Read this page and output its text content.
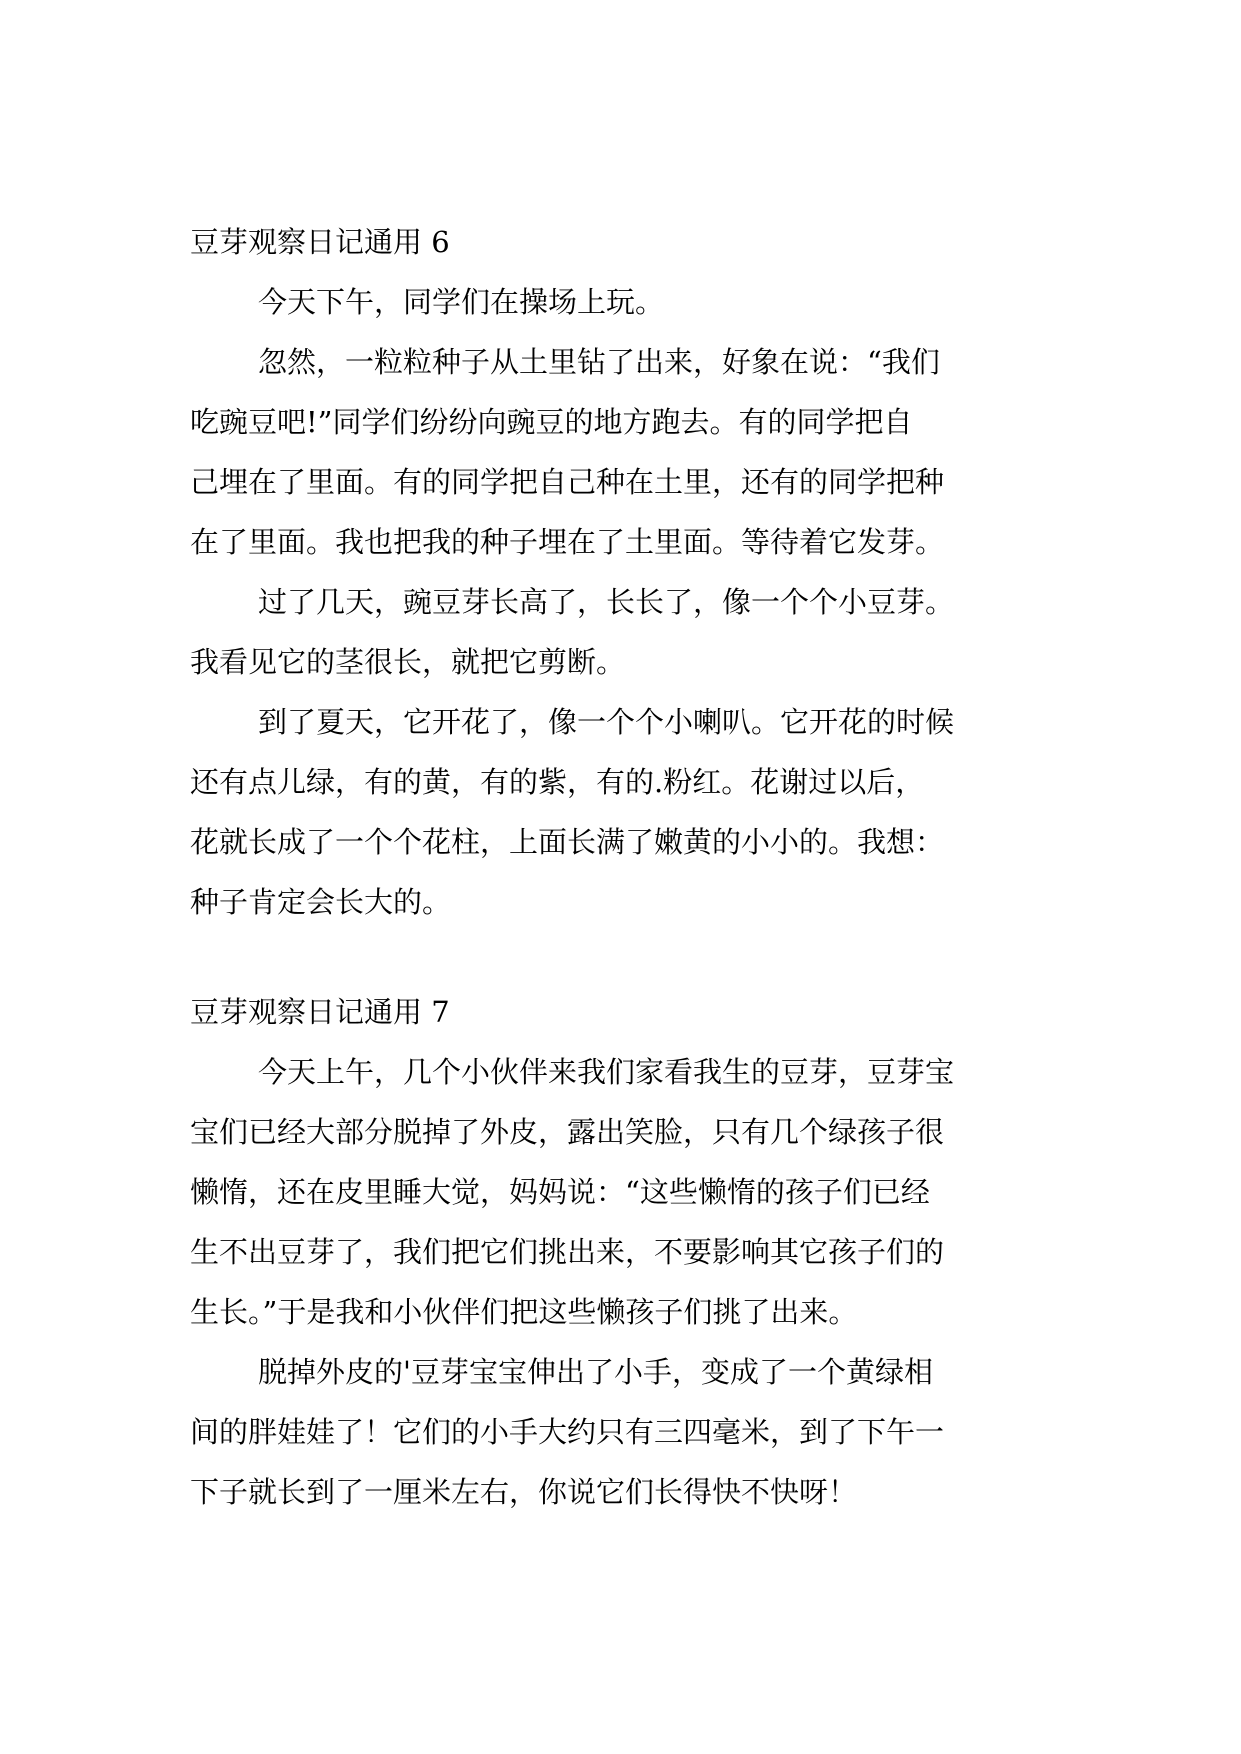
豆芽观察日记通用 6
今天下午，同学们在操场上玩。
忽然，一粒粒种子从土里钻了出来，好象在说：“我们
吃豌豆吧!”同学们纷纷向豌豆的地方跑去。有的同学把自
己埋在了里面。有的同学把自己种在土里，还有的同学把种
在了里面。我也把我的种子埋在了土里面。等待着它发芽。
过了几天，豌豆芽长高了，长长了，像一个个小豆芽。
我看见它的茎很长，就把它剪断。
到了夏天，它开花了，像一个个小喇叭。它开花的时候
还有点儿绿，有的黄，有的紫，有的.粉红。花谢过以后，
花就长成了一个个花柱，上面长满了嫩黄的小小的。我想：
种子肯定会长大的。
豆芽观察日记通用 7
今天上午，几个小伙伴来我们家看我生的豆芽，豆芽宝
宝们已经大部分脱掉了外皮，露出笑脸，只有几个绿孩子很
懒惰，还在皮里睡大觉，妈妈说：“这些懒惰的孩子们已经
生不出豆芽了，我们把它们挑出来，不要影响其它孩子们的
生长。”于是我和小伙伴们把这些懒孩子们挑了出来。
脱掉外皮的'豆芽宝宝伸出了小手，变成了一个黄绿相
间的胖娃娃了！它们的小手大约只有三四毫米，到了下午一
下子就长到了一厘米左右，你说它们长得快不快呀！
